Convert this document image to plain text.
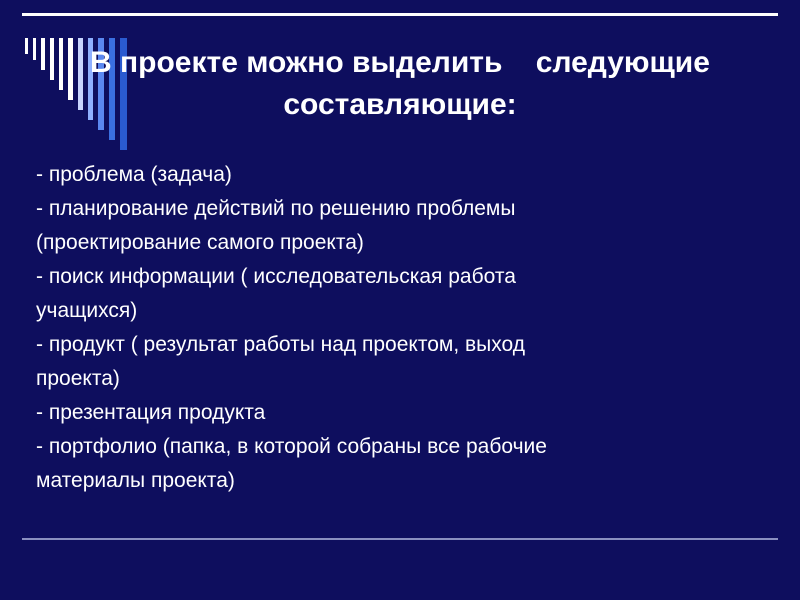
В проекте можно выделить    следующие
составляющие:
- проблема (задача)
- планирование действий по решению проблемы
(проектирование самого проекта)
- поиск информации ( исследовательская работа
учащихся)
- продукт ( результат работы над проектом, выход
проекта)
- презентация продукта
- портфолио (папка, в которой собраны все рабочие
материалы проекта)
